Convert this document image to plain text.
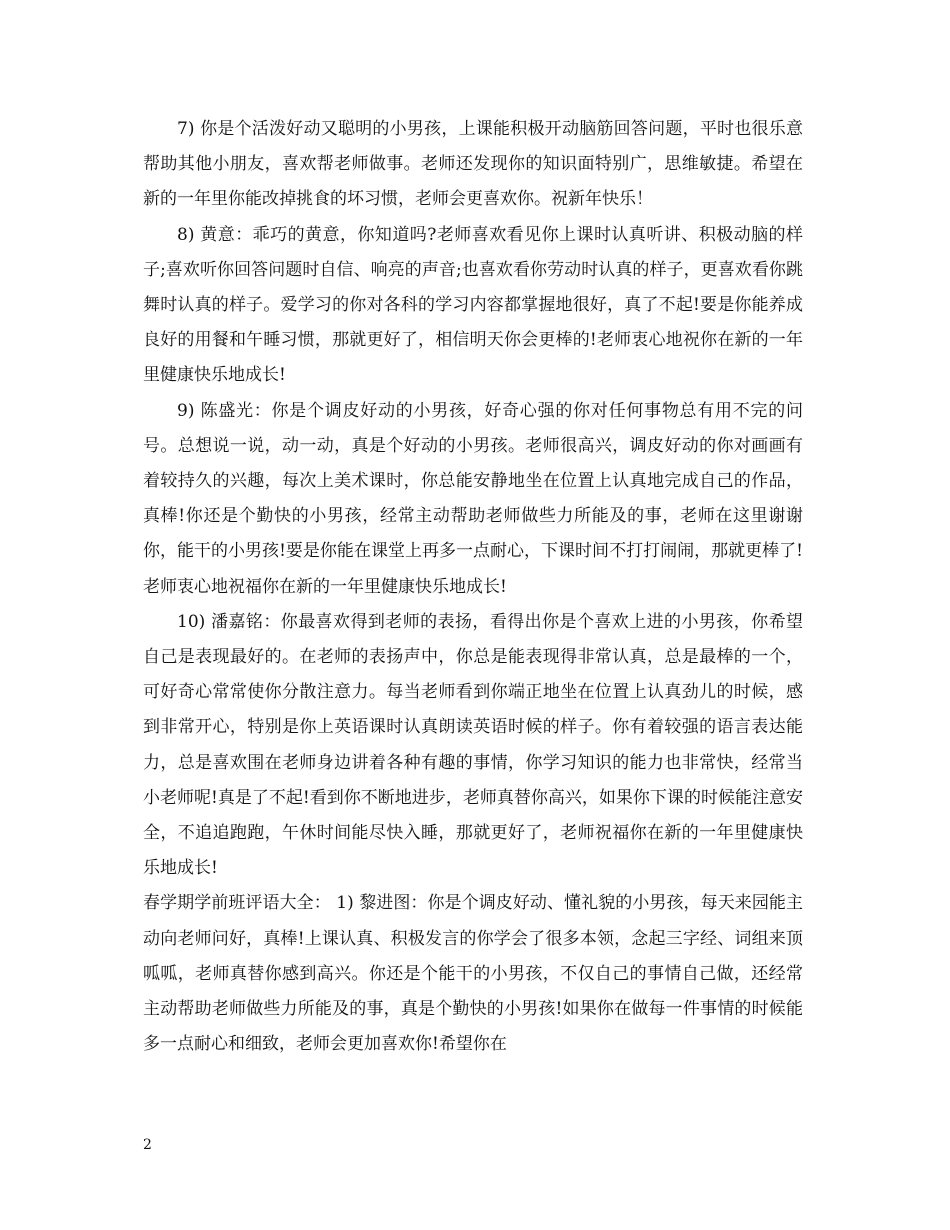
7) 你是个活泼好动又聪明的小男孩，上课能积极开动脑筋回答问题，平时也很乐意帮助其他小朋友，喜欢帮老师做事。老师还发现你的知识面特别广，思维敏捷。希望在新的一年里你能改掉挑食的坏习惯，老师会更喜欢你。祝新年快乐！

8) 黄意：乖巧的黄意，你知道吗?老师喜欢看见你上课时认真听讲、积极动脑的样子;喜欢听你回答问题时自信、响亮的声音;也喜欢看你劳动时认真的样子，更喜欢看你跳舞时认真的样子。爱学习的你对各科的学习内容都掌握地很好，真了不起!要是你能养成良好的用餐和午睡习惯，那就更好了，相信明天你会更棒的!老师衷心地祝你在新的一年里健康快乐地成长!

9) 陈盛光：你是个调皮好动的小男孩，好奇心强的你对任何事物总有用不完的问号。总想说一说，动一动，真是个好动的小男孩。老师很高兴，调皮好动的你对画画有着较持久的兴趣，每次上美术课时，你总能安静地坐在位置上认真地完成自己的作品，真棒!你还是个勤快的小男孩，经常主动帮助老师做些力所能及的事，老师在这里谢谢你，能干的小男孩!要是你能在课堂上再多一点耐心，下课时间不打打闹闹，那就更棒了!老师衷心地祝福你在新的一年里健康快乐地成长!

10) 潘嘉铭：你最喜欢得到老师的表扬，看得出你是个喜欢上进的小男孩，你希望自己是表现最好的。在老师的表扬声中，你总是能表现得非常认真，总是最棒的一个，可好奇心常常使你分散注意力。每当老师看到你端正地坐在位置上认真劲儿的时候，感到非常开心，特别是你上英语课时认真朗读英语时候的样子。你有着较强的语言表达能力，总是喜欢围在老师身边讲着各种有趣的事情，你学习知识的能力也非常快，经常当小老师呢!真是了不起!看到你不断地进步，老师真替你高兴，如果你下课的时候能注意安全，不追追跑跑，午休时间能尽快入睡，那就更好了，老师祝福你在新的一年里健康快乐地成长!

春学期学前班评语大全： 1) 黎进图：你是个调皮好动、懂礼貌的小男孩，每天来园能主动向老师问好，真棒!上课认真、积极发言的你学会了很多本领，念起三字经、词组来顶呱呱，老师真替你感到高兴。你还是个能干的小男孩，不仅自己的事情自己做，还经常主动帮助老师做些力所能及的事，真是个勤快的小男孩!如果你在做每一件事情的时候能多一点耐心和细致，老师会更加喜欢你!希望你在

2
